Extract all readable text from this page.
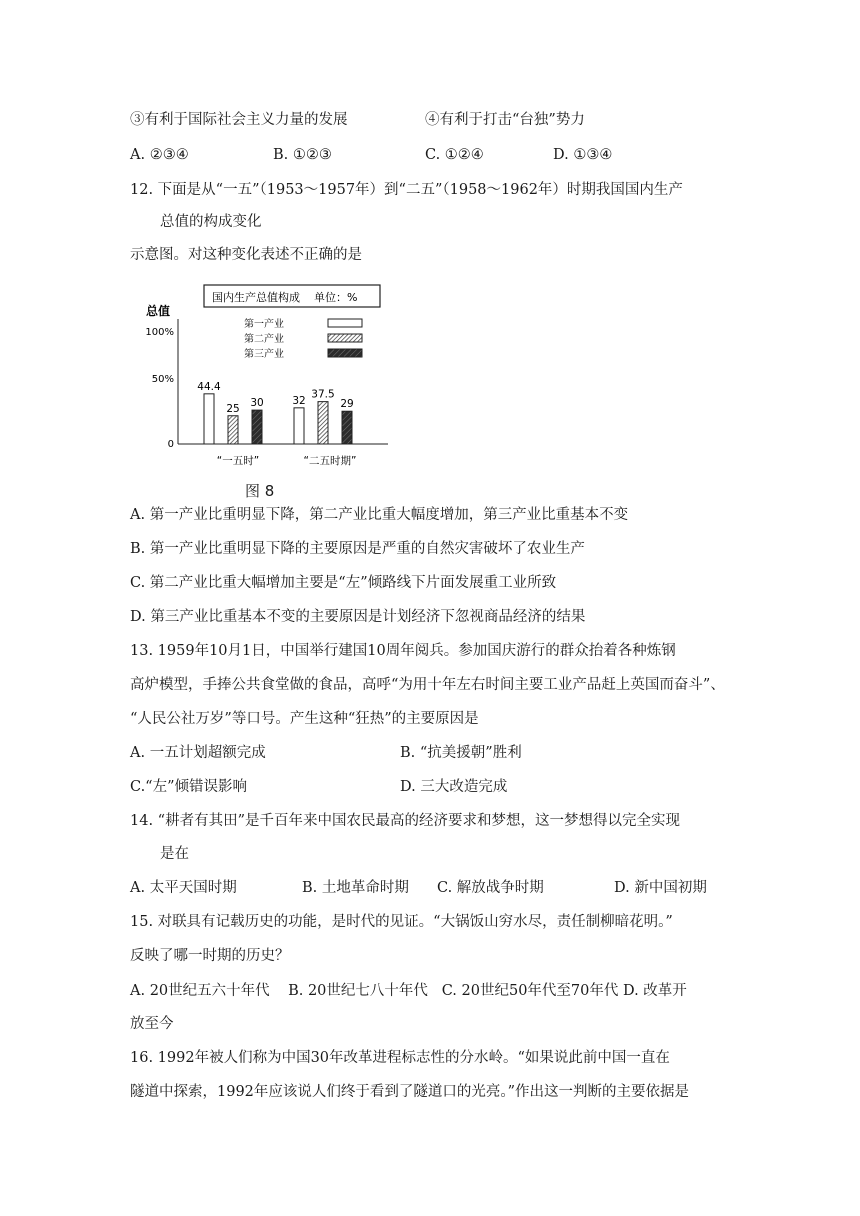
③有利于国际社会主义力量的发展	④有利于打击“台独”势力
A. ②③④	B. ①②③	C. ①②④	D. ①③④
12. 下面是从“一五”（1953～1957年）到“二五”（1958～1962年）时期我国国内生产
总值的构成变化
示意图。对这种变化表述不正确的是
国内生产总值构成 单位：%
总值
100%
50%
0
44.4
32
25
37.5
30	29
第一产业
第二产业
第三产业
“一五时”	“二五时期”
图 8
A. 第一产业比重明显下降，第二产业比重大幅度增加，第三产业比重基本不变
B. 第一产业比重明显下降的主要原因是严重的自然灾害破坏了农业生产
C. 第二产业比重大幅增加主要是“左”倾路线下片面发展重工业所致
D. 第三产业比重基本不变的主要原因是计划经济下忽视商品经济的结果
13. 1959年10月1日，中国举行建国10周年阅兵。参加国庆游行的群众抬着各种炼钢
高炉模型，手捧公共食堂做的食品，高呼“为用十年左右时间主要工业产品赶上英国而奋斗”、
“人民公社万岁”等口号。产生这种“狂热”的主要原因是
A. 一五计划超额完成	B. “抗美援朝”胜利
C.“左”倾错误影响	D. 三大改造完成
14. “耕者有其田”是千百年来中国农民最高的经济要求和梦想，这一梦想得以完全实现
是在
A. 太平天国时期	B. 土地革命时期 C. 解放战争时期	D. 新中国初期
15. 对联具有记载历史的功能，是时代的见证。“大锅饭山穷水尽，责任制柳暗花明。”
反映了哪一时期的历史？
A. 20世纪五六十年代    B. 20世纪七八十年代   C. 20世纪50年代至70年代 D. 改革开
放至今
16. 1992年被人们称为中国30年改革进程标志性的分水岭。“如果说此前中国一直在
隧道中探索，1992年应该说人们终于看到了隧道口的光亮。”作出这一判断的主要依据是
